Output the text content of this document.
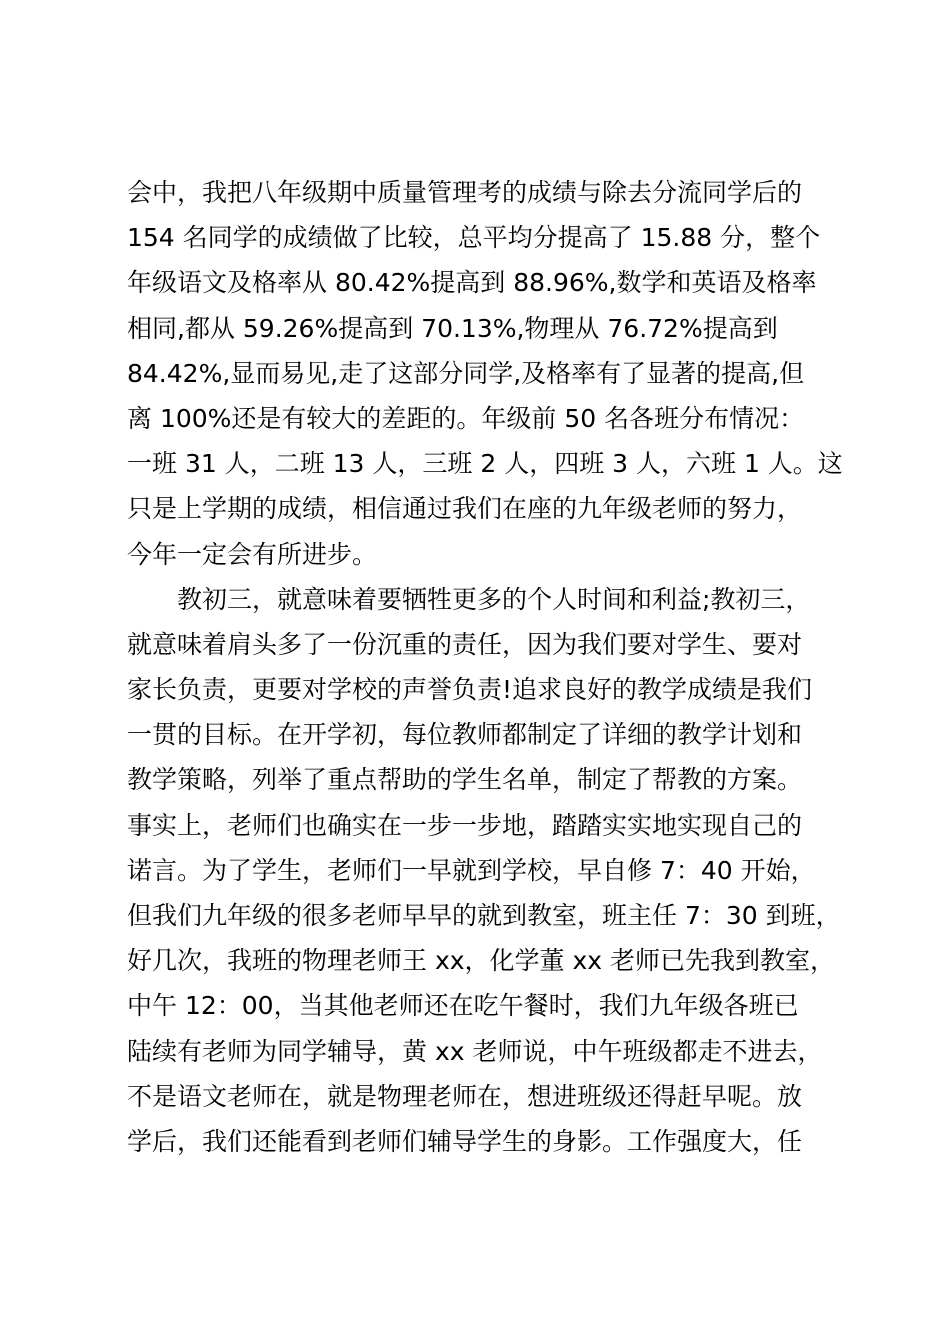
会中，我把八年级期中质量管理考的成绩与除去分流同学后的
154 名同学的成绩做了比较，总平均分提高了 15.88 分，整个
年级语文及格率从 80.42%提高到 88.96%,数学和英语及格率
相同,都从 59.26%提高到 70.13%,物理从 76.72%提高到
84.42%,显而易见,走了这部分同学,及格率有了显著的提高,但
离 100%还是有较大的差距的。年级前 50 名各班分布情况：
一班 31 人，二班 13 人，三班 2 人，四班 3 人，六班 1 人。这
只是上学期的成绩，相信通过我们在座的九年级老师的努力，
今年一定会有所进步。
教初三，就意味着要牺牲更多的个人时间和利益;教初三，
就意味着肩头多了一份沉重的责任，因为我们要对学生、要对
家长负责，更要对学校的声誉负责!追求良好的教学成绩是我们
一贯的目标。在开学初，每位教师都制定了详细的教学计划和
教学策略，列举了重点帮助的学生名单，制定了帮教的方案。
事实上，老师们也确实在一步一步地，踏踏实实地实现自己的
诺言。为了学生，老师们一早就到学校，早自修 7：40 开始，
但我们九年级的很多老师早早的就到教室，班主任 7：30 到班，
好几次，我班的物理老师王 xx，化学董 xx 老师已先我到教室，
中午 12：00，当其他老师还在吃午餐时，我们九年级各班已
陆续有老师为同学辅导，黄 xx 老师说，中午班级都走不进去，
不是语文老师在，就是物理老师在，想进班级还得赶早呢。放
学后，我们还能看到老师们辅导学生的身影。工作强度大，任
